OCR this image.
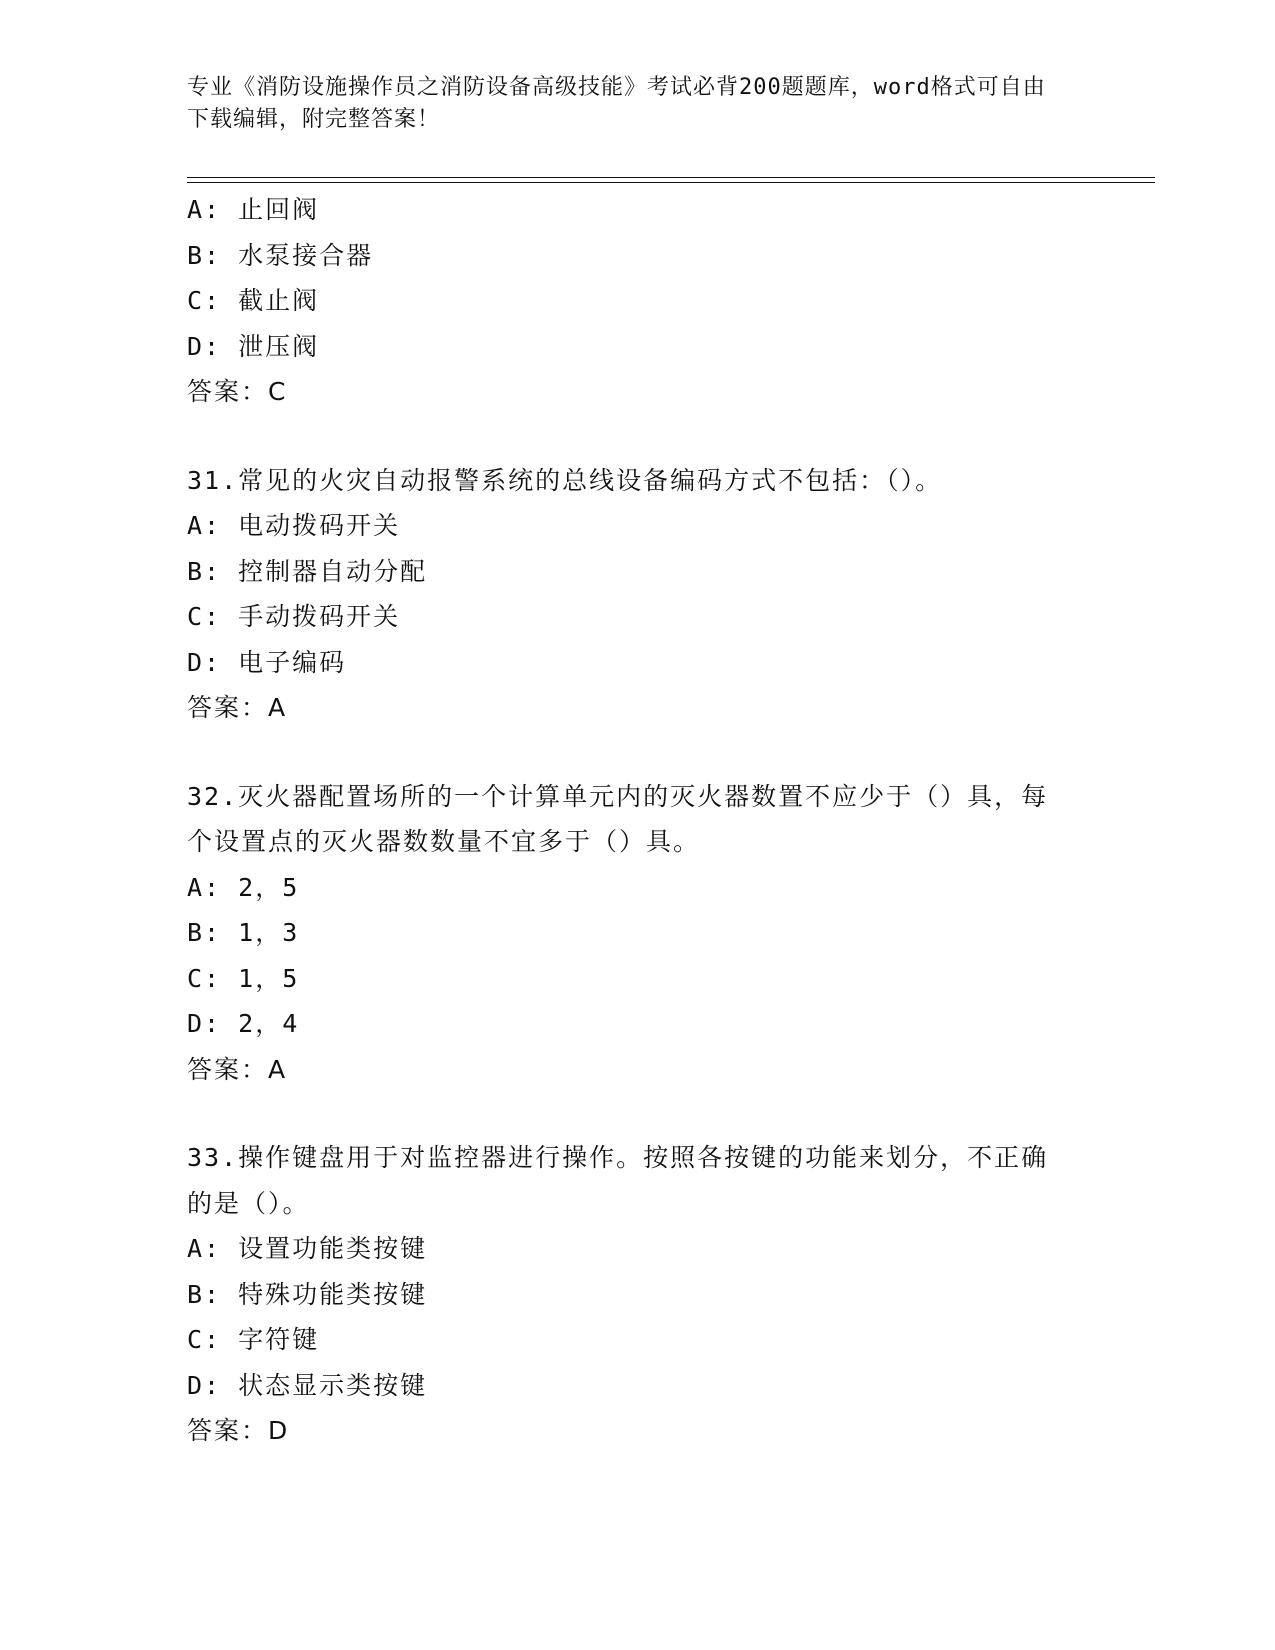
专业《消防设施操作员之消防设备高级技能》考试必背200题题库，word格式可自由下载编辑，附完整答案！
A: 止回阀
B: 水泵接合器
C: 截止阀
D: 泄压阀
答案：C
31.常见的火灾自动报警系统的总线设备编码方式不包括：（）。
A: 电动拨码开关
B: 控制器自动分配
C: 手动拨码开关
D: 电子编码
答案：A
32.灭火器配置场所的一个计算单元内的灭火器数置不应少于（）具，每个设置点的灭火器数数量不宜多于（）具。
A: 2，5
B: 1，3
C: 1，5
D: 2，4
答案：A
33.操作键盘用于对监控器进行操作。按照各按键的功能来划分，不正确的是（）。
A: 设置功能类按键
B: 特殊功能类按键
C: 字符键
D: 状态显示类按键
答案：D
